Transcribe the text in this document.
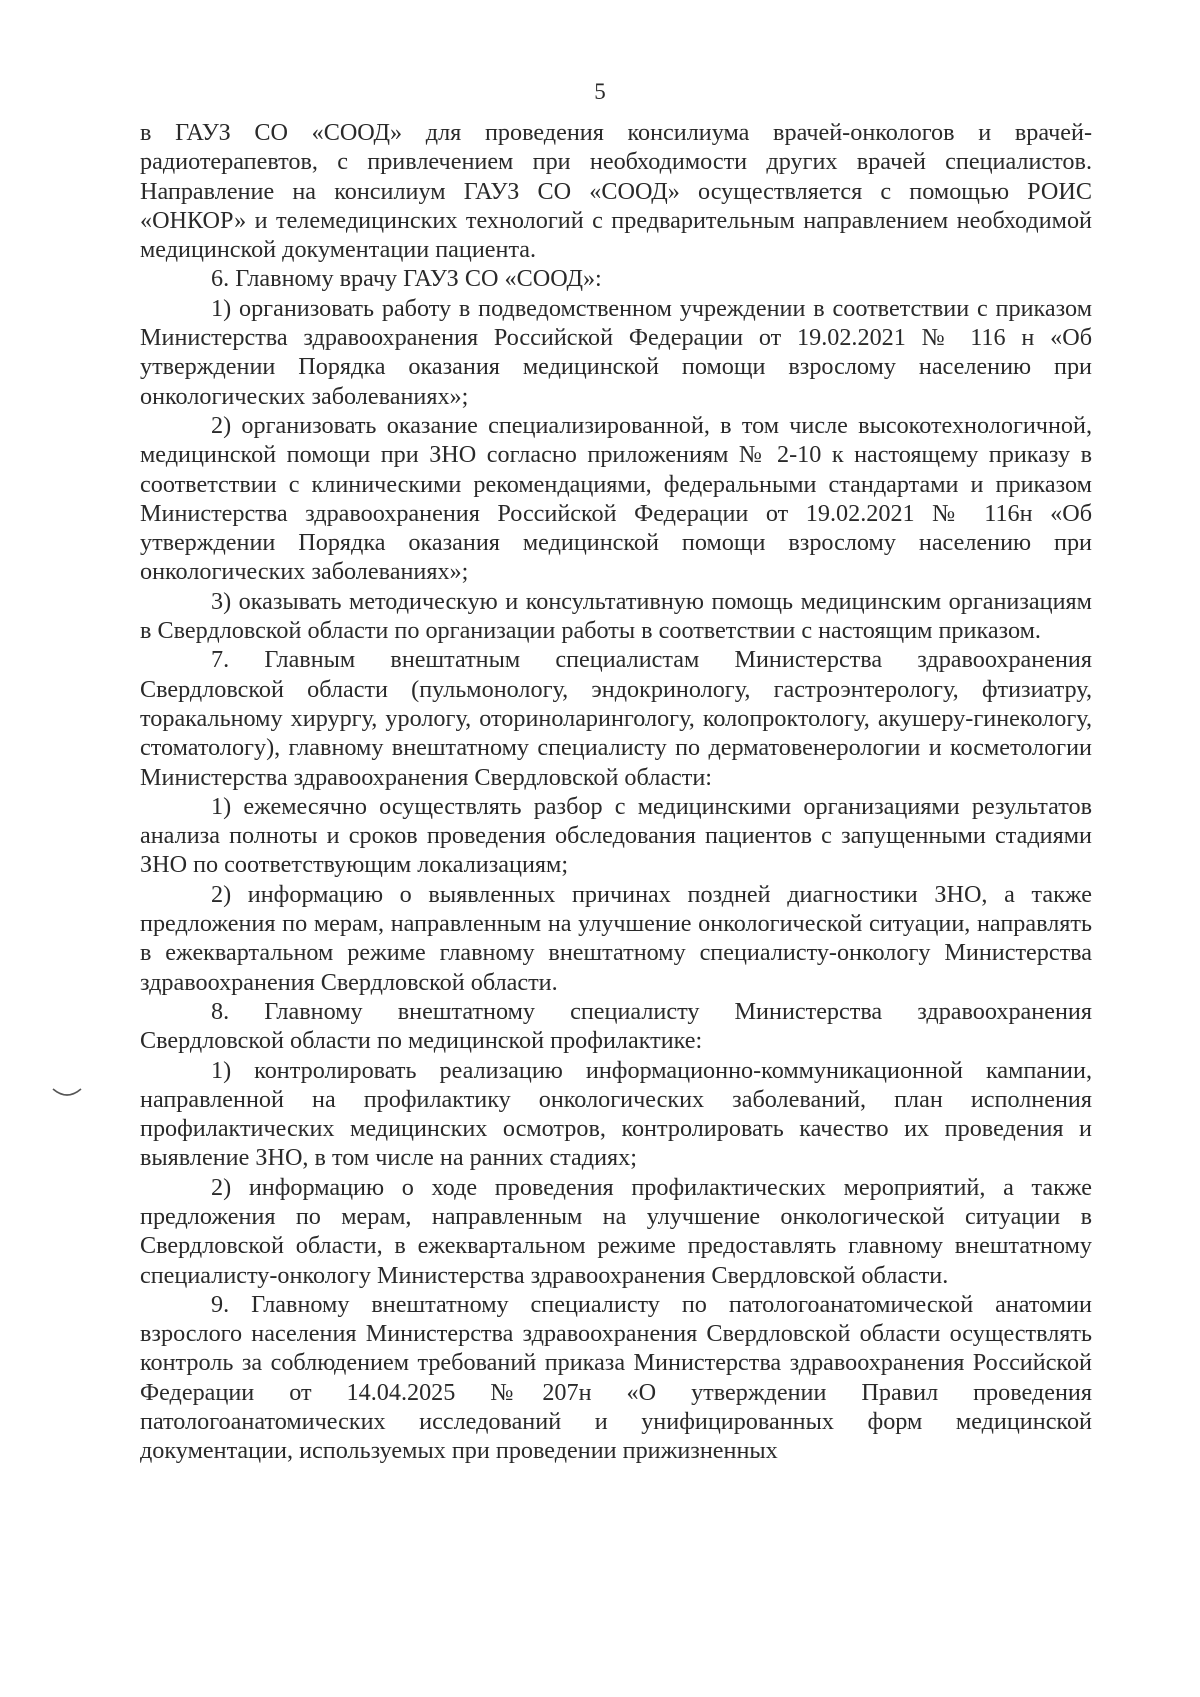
5

в ГАУЗ СО «СООД» для проведения консилиума врачей-онкологов и врачей-радиотерапевтов, с привлечением при необходимости других врачей специалистов. Направление на консилиум ГАУЗ СО «СООД» осуществляется с помощью РОИС «ОНКОР» и телемедицинских технологий с предварительным направлением необходимой медицинской документации пациента.

6. Главному врачу ГАУЗ СО «СООД»:

1) организовать работу в подведомственном учреждении в соответствии с приказом Министерства здравоохранения Российской Федерации от 19.02.2021 № 116 н «Об утверждении Порядка оказания медицинской помощи взрослому населению при онкологических заболеваниях»;

2) организовать оказание специализированной, в том числе высокотехнологичной, медицинской помощи при ЗНО согласно приложениям № 2-10 к настоящему приказу в соответствии с клиническими рекомендациями, федеральными стандартами и приказом Министерства здравоохранения Российской Федерации от 19.02.2021 № 116н «Об утверждении Порядка оказания медицинской помощи взрослому населению при онкологических заболеваниях»;

3) оказывать методическую и консультативную помощь медицинским организациям в Свердловской области по организации работы в соответствии с настоящим приказом.

7. Главным внештатным специалистам Министерства здравоохранения Свердловской области (пульмонологу, эндокринологу, гастроэнтерологу, фтизиатру, торакальному хирургу, урологу, оториноларингологу, колопроктологу, акушеру-гинекологу, стоматологу), главному внештатному специалисту по дерматовенерологии и косметологии Министерства здравоохранения Свердловской области:

1) ежемесячно осуществлять разбор с медицинскими организациями результатов анализа полноты и сроков проведения обследования пациентов с запущенными стадиями ЗНО по соответствующим локализациям;

2) информацию о выявленных причинах поздней диагностики ЗНО, а также предложения по мерам, направленным на улучшение онкологической ситуации, направлять в ежеквартальном режиме главному внештатному специалисту-онкологу Министерства здравоохранения Свердловской области.

8. Главному внештатному специалисту Министерства здравоохранения Свердловской области по медицинской профилактике:

1) контролировать реализацию информационно-коммуникационной кампании, направленной на профилактику онкологических заболеваний, план исполнения профилактических медицинских осмотров, контролировать качество их проведения и выявление ЗНО, в том числе на ранних стадиях;

2) информацию о ходе проведения профилактических мероприятий, а также предложения по мерам, направленным на улучшение онкологической ситуации в Свердловской области, в ежеквартальном режиме предоставлять главному внештатному специалисту-онкологу Министерства здравоохранения Свердловской области.

9. Главному внештатному специалисту по патологоанатомической анатомии взрослого населения Министерства здравоохранения Свердловской области осуществлять контроль за соблюдением требований приказа Министерства здравоохранения Российской Федерации от 14.04.2025 №207н «О утверждении Правил проведения патологоанатомических исследований и унифицированных форм медицинской документации, используемых при проведении прижизненных
